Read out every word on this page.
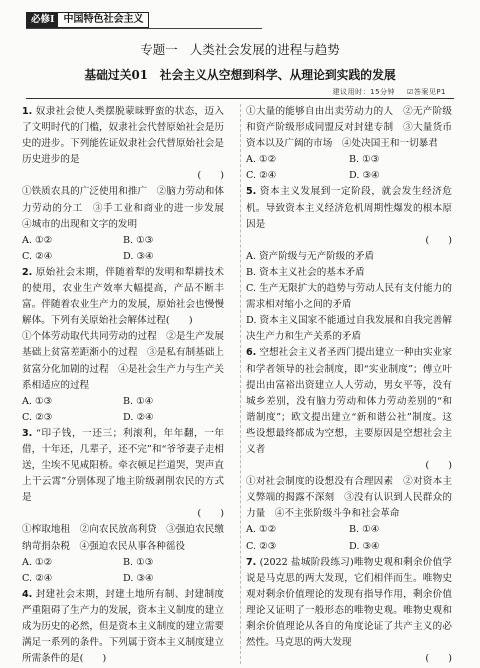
必修Ⅰ 中国特色社会主义
专题一 人类社会发展的进程与趋势
基础过关01　社会主义从空想到科学、从理论到实践的发展
建议用时：15分钟 ☑答案见P1
1. 奴隶社会使人类摆脱蒙昧野蛮的状态，迈入了文明时代的门槛，奴隶社会代替原始社会是历史的进步。下列能佐证奴隶社会代替原始社会是历史进步的是
(　　)
①铁质农具的广泛使用和推广　②脑力劳动和体力劳动的分工　③手工业和商业的进一步发展　④城市的出现和文字的发明
A. ①②	B. ①③
C. ②④	D. ③④
2. 原始社会末期，伴随着犁的发明和犁耕技术的使用，农业生产效率大幅提高，产品不断丰富。伴随着农业生产力的发展，原始社会也慢慢解体。下列有关原始社会解体过程(　　)
①个体劳动取代共同劳动的过程　②是生产发展基础上贫富差距渐小的过程　③是私有制基础上贫富分化加剧的过程　④是社会生产力与生产关系相适应的过程
A. ①③	B. ①④
C. ②③	D. ②④
3. “印子钱，一还三；利滚利，年年翻，一年借，十年还，几辈子，还不完”和“爷爷妻子走相送，尘埃不见咸阳桥。牵衣顿足拦道哭，哭声直上干云霄”分别体现了地主阶级剥削农民的方式是
(　　)
①榨取地租　②向农民放高利贷　③强迫农民缴纳苛捐杂税　④强迫农民从事各种徭役
A. ①②	B. ①③
C. ②④	D. ③④
4. 封建社会末期，封建土地所有制、封建制度严重阻碍了生产力的发展，资本主义制度的建立成为历史的必然，但是资本主义制度的建立需要满足一系列的条件。下列属于资本主义制度建立所需条件的是(　　)
①大量的能够自由出卖劳动力的人　②无产阶级和资产阶级形成同盟反对封建专制　③大量货币资本以及广阔的市场　④处决国王和一切暴君
A. ①②	B. ①③
C. ②④	D. ③④
5. 资本主义发展到一定阶段，就会发生经济危机。导致资本主义经济危机周期性爆发的根本原因是
(　　)
A. 资产阶级与无产阶级的矛盾
B. 资本主义社会的基本矛盾
C. 生产无限扩大的趋势与劳动人民有支付能力的需求相对缩小之间的矛盾
D. 资本主义国家不能通过自我发展和自我完善解决生产力和生产关系的矛盾
6. 空想社会主义者圣西门提出建立一种由实业家和学者领导的社会制度，即“实业制度”；傅立叶提出由富裕出资建立人人劳动，男女平等，没有城乡差别，没有脑力劳动和体力劳动差别的“和谐制度”；欧文提出建立“新和谐公社”制度。这些设想最终都成为空想，主要原因是空想社会主义者
(　　)
①对社会制度的设想没有合理因素　②对资本主义弊端的揭露不深刻　③没有认识到人民群众的力量　④不主张阶级斗争和社会革命
A. ①②	B. ①④
C. ②③	D. ③④
7. (2022 盐城阶段练习)唯物史观和剩余价值学说是马克思的两大发现，它们相伴而生。唯物史观对剩余价值理论的发现有指导作用，剩余价值理论又证明了一般形态的唯物史观。唯物史观和剩余价值理论从各自的角度论证了共产主义的必然性。马克思的两大发现
(　　)
